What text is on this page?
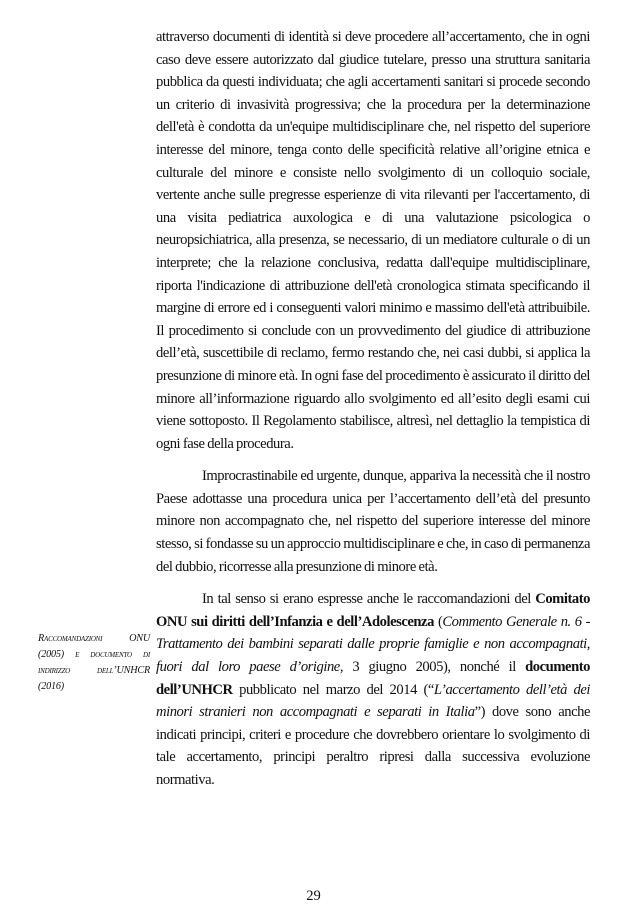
attraverso documenti di identità si deve procedere all’accertamento, che in ogni caso deve essere autorizzato dal giudice tutelare, presso una struttura sanitaria pubblica da questi individuata; che agli accertamenti sanitari si procede secondo un criterio di invasività progressiva; che la procedura per la determinazione dell'età è condotta da un'equipe multidisciplinare che, nel rispetto del superiore interesse del minore, tenga conto delle specificità relative all’origine etnica e culturale del minore e consiste nello svolgimento di un colloquio sociale, vertente anche sulle pregresse esperienze di vita rilevanti per l'accertamento, di una visita pediatrica auxologica e di una valutazione psicologica o neuropsichiatrica, alla presenza, se necessario, di un mediatore culturale o di un interprete; che la relazione conclusiva, redatta dall'equipe multidisciplinare, riporta l'indicazione di attribuzione dell'età cronologica stimata specificando il margine di errore ed i conseguenti valori minimo e massimo dell'età attribuibile. Il procedimento si conclude con un provvedimento del giudice di attribuzione dell’età, suscettibile di reclamo, fermo restando che, nei casi dubbi, si applica la presunzione di minore età. In ogni fase del procedimento è assicurato il diritto del minore all’informazione riguardo allo svolgimento ed all’esito degli esami cui viene sottoposto. Il Regolamento stabilisce, altresì, nel dettaglio la tempistica di ogni fase della procedura.

Improcrastinabile ed urgente, dunque, appariva la necessità che il nostro Paese adottasse una procedura unica per l’accertamento dell’età del presunto minore non accompagnato che, nel rispetto del superiore interesse del minore stesso, si fondasse su un approccio multidisciplinare e che, in caso di permanenza del dubbio, ricorresse alla presunzione di minore età.

In tal senso si erano espresse anche le raccomandazioni del Comitato ONU sui diritti dell’Infanzia e dell’Adolescenza (Commento Generale n. 6 - Trattamento dei bambini separati dalle proprie famiglie e non accompagnati, fuori dal loro paese d’origine, 3 giugno 2005), nonché il documento dell’UNHCR pubblicato nel marzo del 2014 (“L’accertamento dell’età dei minori stranieri non accompagnati e separati in Italia”) dove sono anche indicati principi, criteri e procedure che dovrebbero orientare lo svolgimento di tale accertamento, principi peraltro ripresi dalla successiva evoluzione normativa.

Raccomandazioni ONU (2005) e documento di indirizzo dell’UNHCR (2016)
29
